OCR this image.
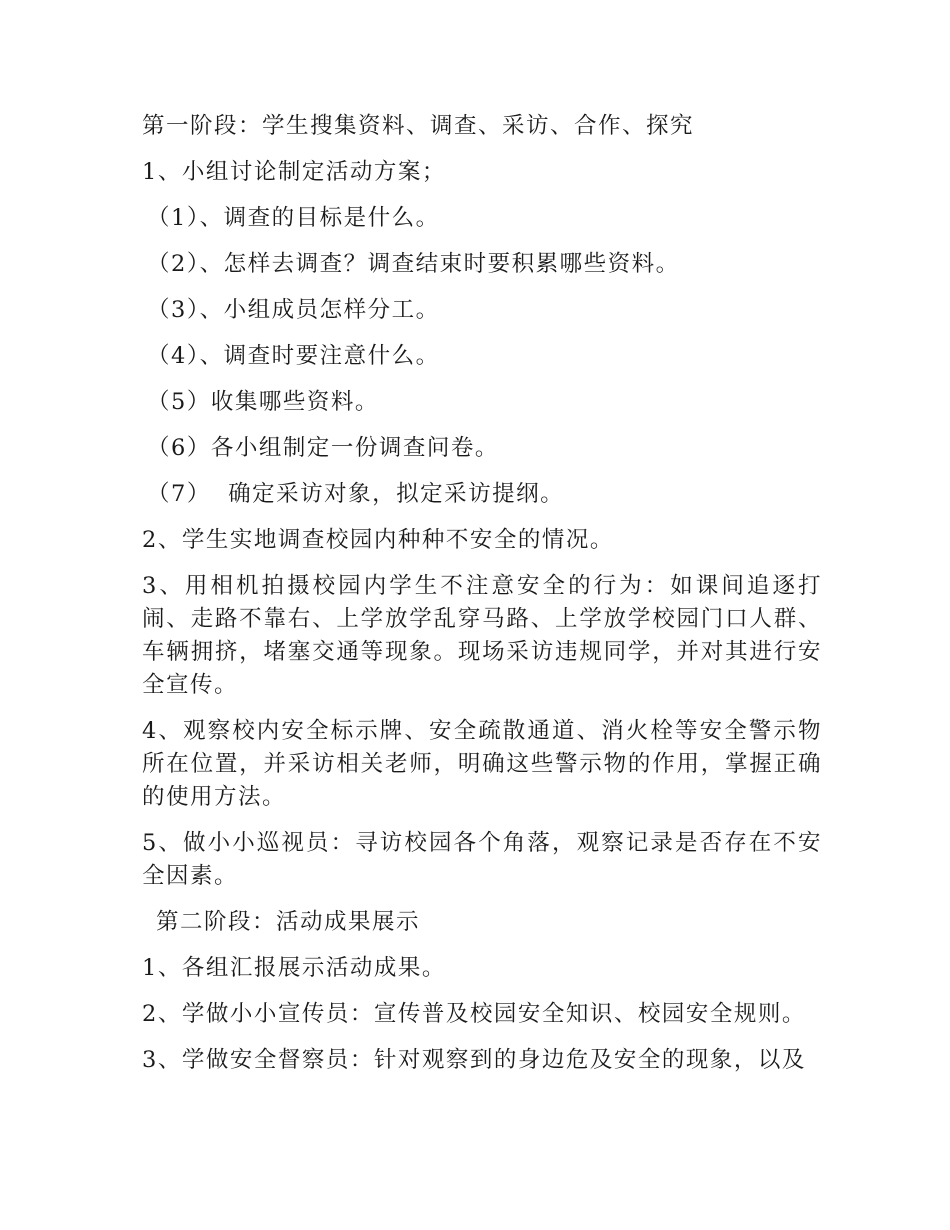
第一阶段：学生搜集资料、调查、采访、合作、探究

1、小组讨论制定活动方案；

（1）、调查的目标是什么。

（2）、怎样去调查？调查结束时要积累哪些资料。

（3）、小组成员怎样分工。

（4）、调查时要注意什么。

（5）收集哪些资料。

（6）各小组制定一份调查问卷。

（7）  确定采访对象，拟定采访提纲。

2、学生实地调查校园内种种不安全的情况。

3、用相机拍摄校园内学生不注意安全的行为：如课间追逐打闹、走路不靠右、上学放学乱穿马路、上学放学校园门口人群、车辆拥挤，堵塞交通等现象。现场采访违规同学，并对其进行安全宣传。

4、观察校内安全标示牌、安全疏散通道、消火栓等安全警示物所在位置，并采访相关老师，明确这些警示物的作用，掌握正确的使用方法。

5、做小小巡视员：寻访校园各个角落，观察记录是否存在不安全因素。

第二阶段：活动成果展示

1、各组汇报展示活动成果。

2、学做小小宣传员：宣传普及校园安全知识、校园安全规则。

3、学做安全督察员：针对观察到的身边危及安全的现象，以及
